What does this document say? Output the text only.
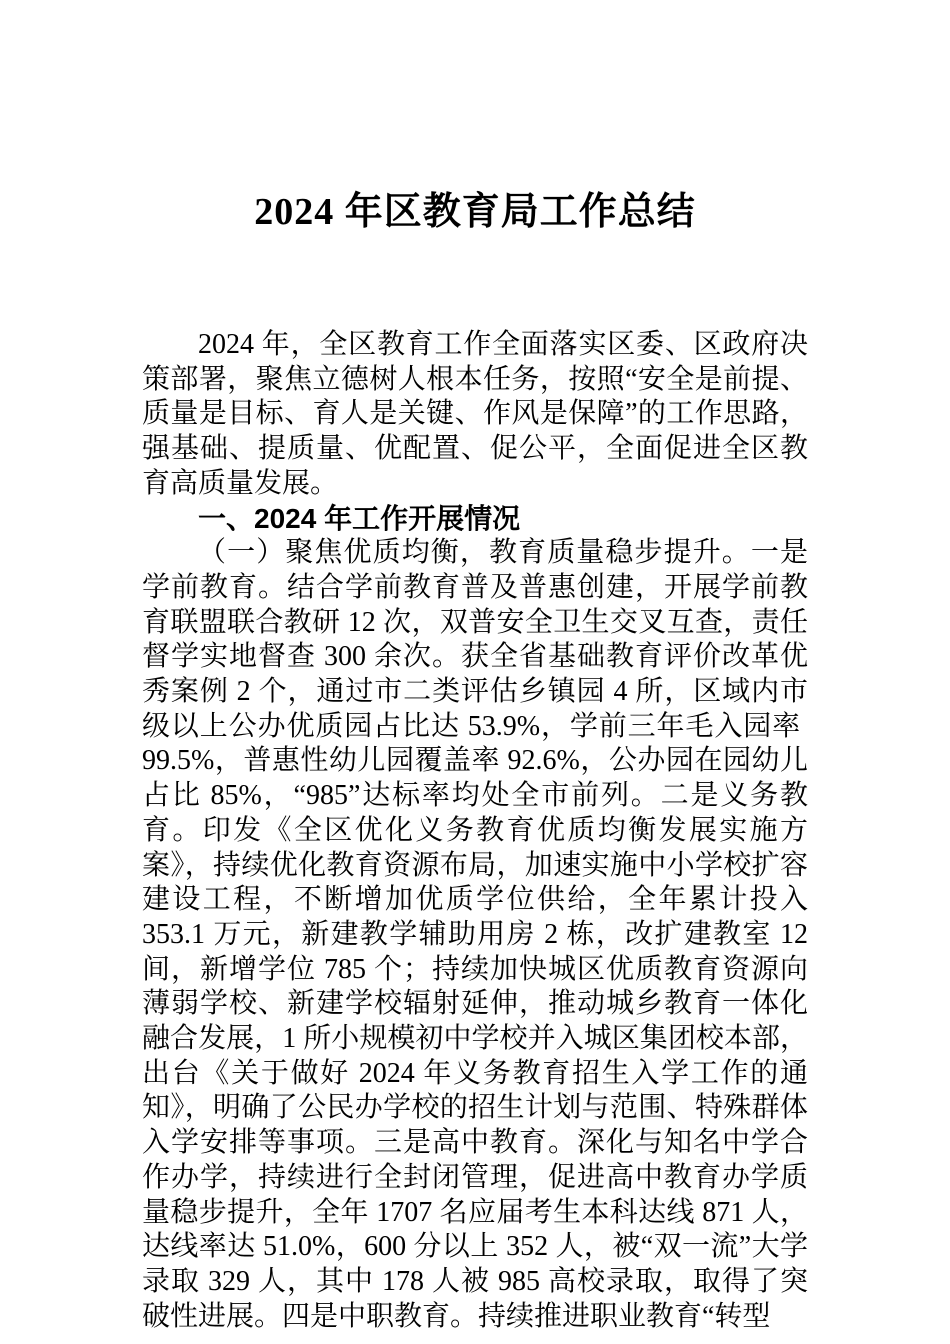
2024 年区教育局工作总结

2024 年，全区教育工作全面落实区委、区政府决策部署，聚焦立德树人根本任务，按照“安全是前提、质量是目标、育人是关键、作风是保障”的工作思路，强基础、提质量、优配置、促公平，全面促进全区教育高质量发展。

一、2024 年工作开展情况

（一）聚焦优质均衡，教育质量稳步提升。一是学前教育。结合学前教育普及普惠创建，开展学前教育联盟联合教研 12 次，双普安全卫生交叉互查，责任督学实地督查 300 余次。获全省基础教育评价改革优秀案例 2 个，通过市二类评估乡镇园 4 所，区域内市级以上公办优质园占比达 53.9%，学前三年毛入园率  99.5%，普惠性幼儿园覆盖率 92.6%，公办园在园幼儿占比 85%，“985”达标率均处全市前列。二是义务教育。印发《全区优化义务教育优质均衡发展实施方案》，持续优化教育资源布局，加速实施中小学校扩容建设工程，不断增加优质学位供给，全年累计投入 353.1 万元，新建教学辅助用房 2 栋，改扩建教室 12 间，新增学位 785 个；持续加快城区优质教育资源向薄弱学校、新建学校辐射延伸，推动城乡教育一体化融合发展，1 所小规模初中学校并入城区集团校本部，出台《关于做好 2024 年义务教育招生入学工作的通知》，明确了公民办学校的招生计划与范围、特殊群体入学安排等事项。三是高中教育。深化与知名中学合作办学，持续进行全封闭管理，促进高中教育办学质量稳步提升，全年 1707 名应届考生本科达线 871 人，达线率达 51.0%，600 分以上 352 人，被“双一流”大学录取 329 人，其中 178 人被 985 高校录取，取得了突破性进展。四是中职教育。持续推进职业教育“转型
